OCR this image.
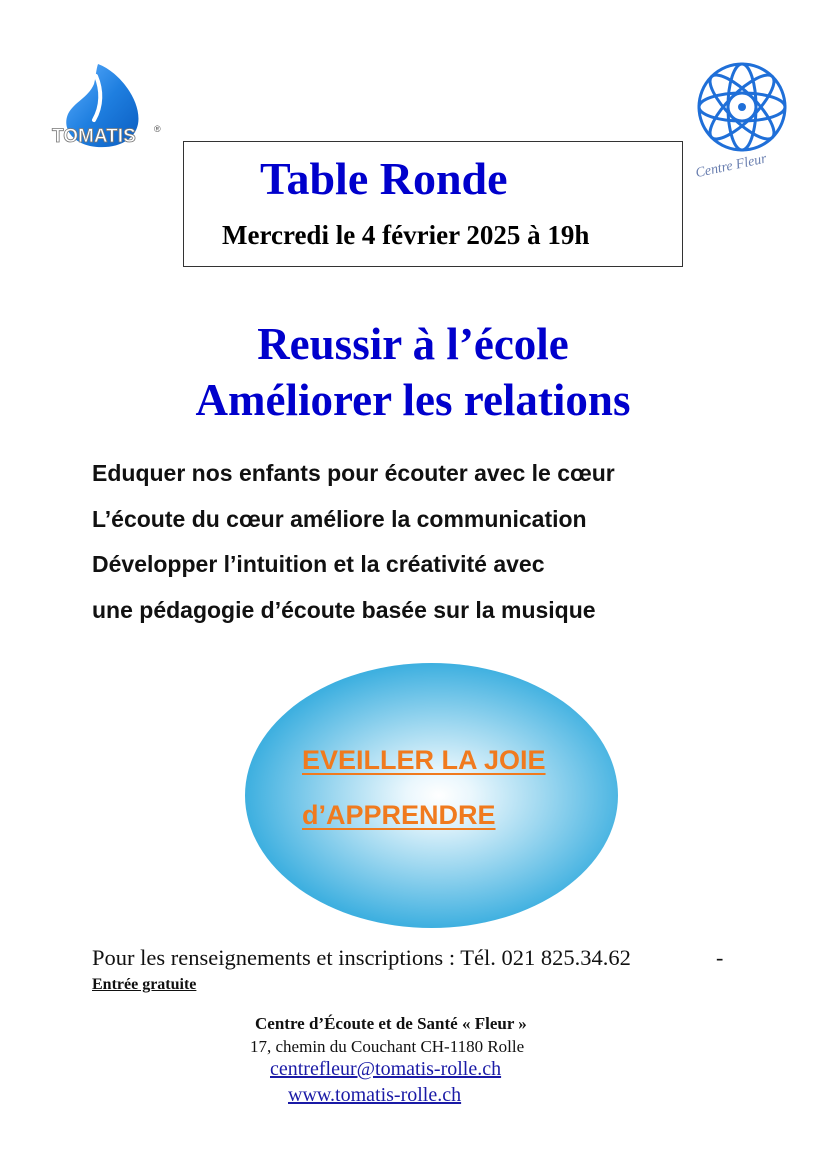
TOMATIS ®
Centre Fleur
Table Ronde
Mercredi le 4 février 2025 à 19h
Reussir à l’école
Améliorer les relations
Eduquer nos enfants pour écouter avec le cœur
L’écoute du cœur améliore la communication
Développer l’intuition et la créativité avec
une pédagogie d’écoute basée sur la musique
EVEILLER LA JOIE
d’APPRENDRE
Pour les renseignements et inscriptions : Tél. 021 825.34.62	-
Entrée gratuite
Centre d’Écoute et de Santé « Fleur »
17, chemin du Couchant CH-1180 Rolle
centrefleur@tomatis-rolle.ch
www.tomatis-rolle.ch
